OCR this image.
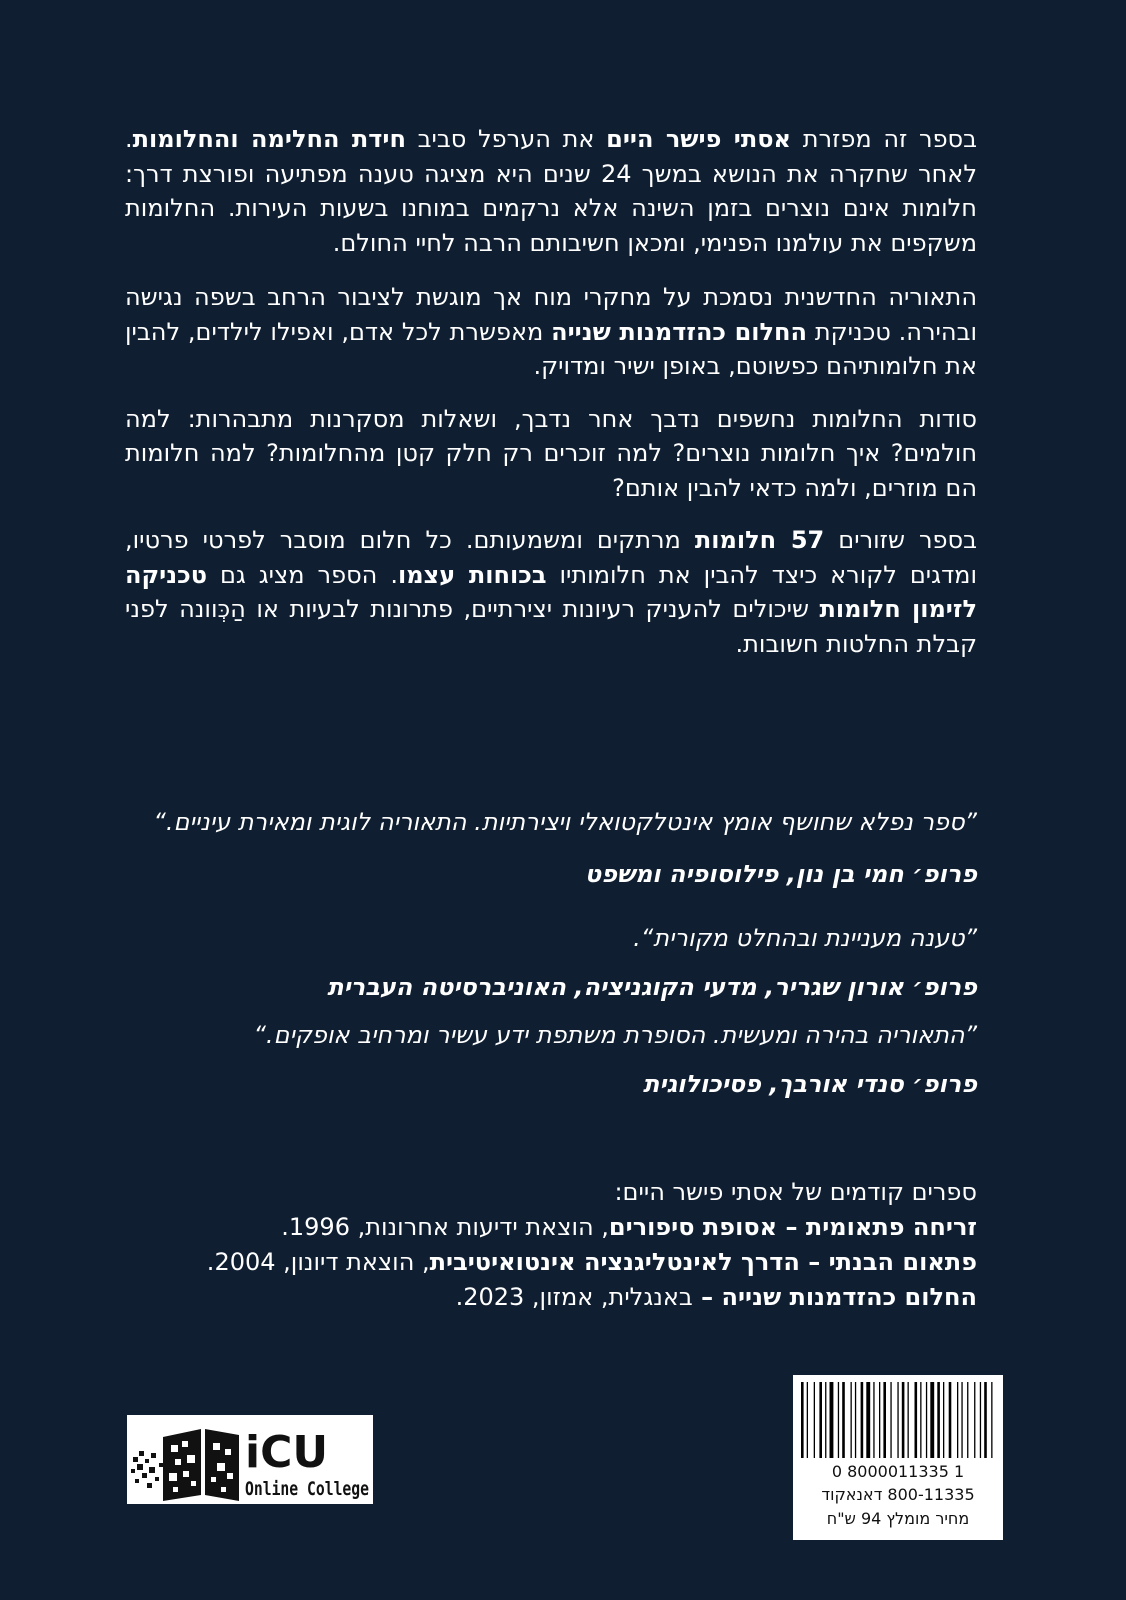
בספר זה מפזרת אסתי פישר היים את הערפל סביב חידת החלימה והחלומות. לאחר שחקרה את הנושא במשך 24 שנים היא מציגה טענה מפתיעה ופורצת דרך: חלומות אינם נוצרים בזמן השינה אלא נרקמים במוחנו בשעות העירות. החלומות משקפים את עולמנו הפנימי, ומכאן חשיבותם הרבה לחיי החולם.

התאוריה החדשנית נסמכת על מחקרי מוח אך מוגשת לציבור הרחב בשפה נגישה ובהירה. טכניקת החלום כהזדמנות שנייה מאפשרת לכל אדם, ואפילו לילדים, להבין את חלומותיהם כפשוטם, באופן ישיר ומדויק.

סודות החלומות נחשפים נדבך אחר נדבך, ושאלות מסקרנות מתבהרות: למה חולמים? איך חלומות נוצרים? למה זוכרים רק חלק קטן מהחלומות? למה חלומות הם מוזרים, ולמה כדאי להבין אותם?

בספר שזורים 57 חלומות מרתקים ומשמעותם. כל חלום מוסבר לפרטי פרטיו, ומדגים לקורא כיצד להבין את חלומותיו בכוחות עצמו. הספר מציג גם טכניקה לזימון חלומות שיכולים להעניק רעיונות יצירתיים, פתרונות לבעיות או הַכְּוונה לפני קבלת החלטות חשובות.

”ספר נפלא שחושף אומץ אינטלקטואלי ויצירתיות. התאוריה לוגית ומאירת עיניים.“

פרופ׳ חמי בן נון, פילוסופיה ומשפט

”טענה מעניינת ובהחלט מקורית“.

פרופ׳ אורון שגריר, מדעי הקוגניציה, האוניברסיטה העברית

”התאוריה בהירה ומעשית. הסופרת משתפת ידע עשיר ומרחיב אופקים.“

פרופ׳ סנדי אורבך, פסיכולוגית

ספרים קודמים של אסתי פישר היים:

זריחה פתאומית – אסופת סיפורים, הוצאת ידיעות אחרונות, 1996.

פתאום הבנתי – הדרך לאינטליגנציה אינטואיטיבית, הוצאת דיונון, 2004.

החלום כהזדמנות שנייה – באנגלית, אמזון, 2023.

0 8000011335 1
800-11335 דאנאקוד
מחיר מומלץ 94 ש"ח
iCU
Online College
